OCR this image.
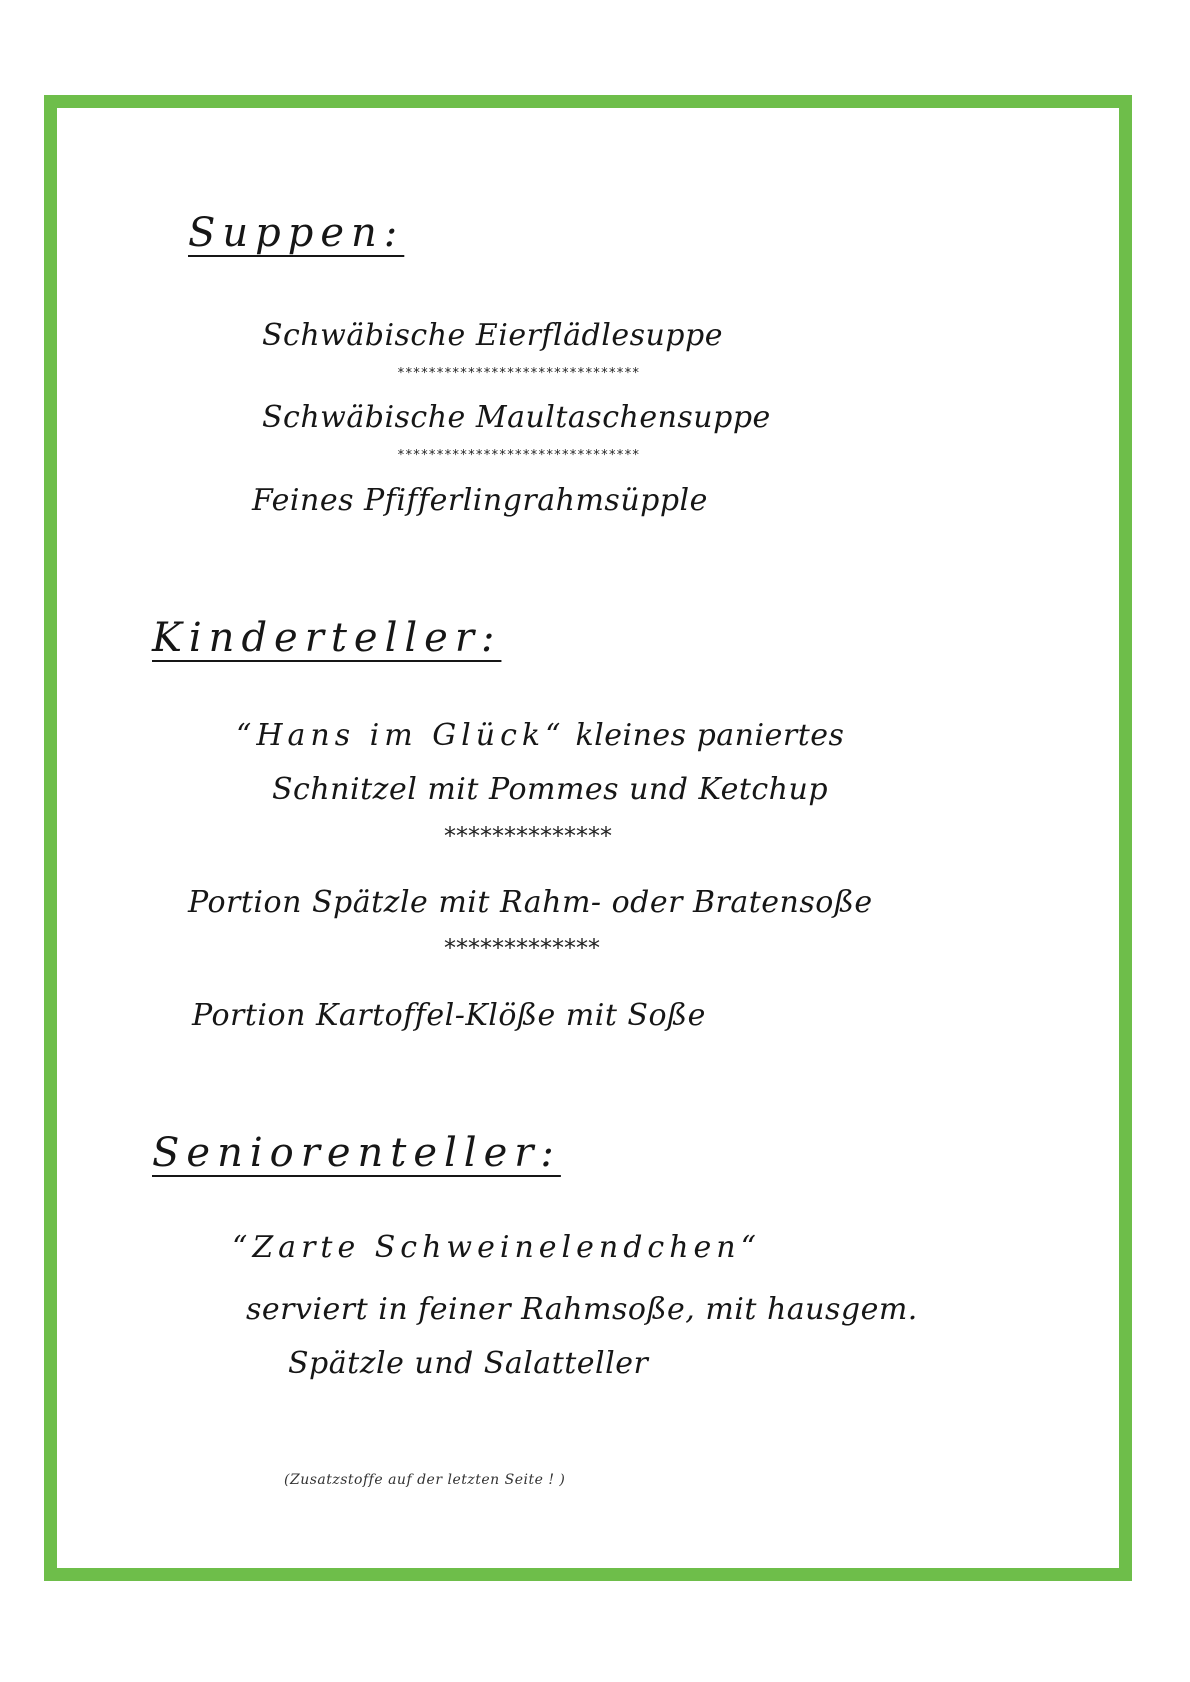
Suppen:
Schwäbische Eierflädlesuppe
*******************************
Schwäbische Maultaschensuppe
*******************************
Feines Pfifferlingrahmsüpple
Kinderteller:
“Hans im Glück“ kleines paniertes
Schnitzel mit Pommes und Ketchup
**************
Portion Spätzle mit Rahm- oder Bratensoße
*************
Portion Kartoffel-Klöße mit Soße
Seniorenteller:
“Zarte Schweinelendchen“
serviert in feiner Rahmsoße, mit hausgem.
Spätzle und Salatteller
(Zusatzstoffe auf der letzten Seite ! )
